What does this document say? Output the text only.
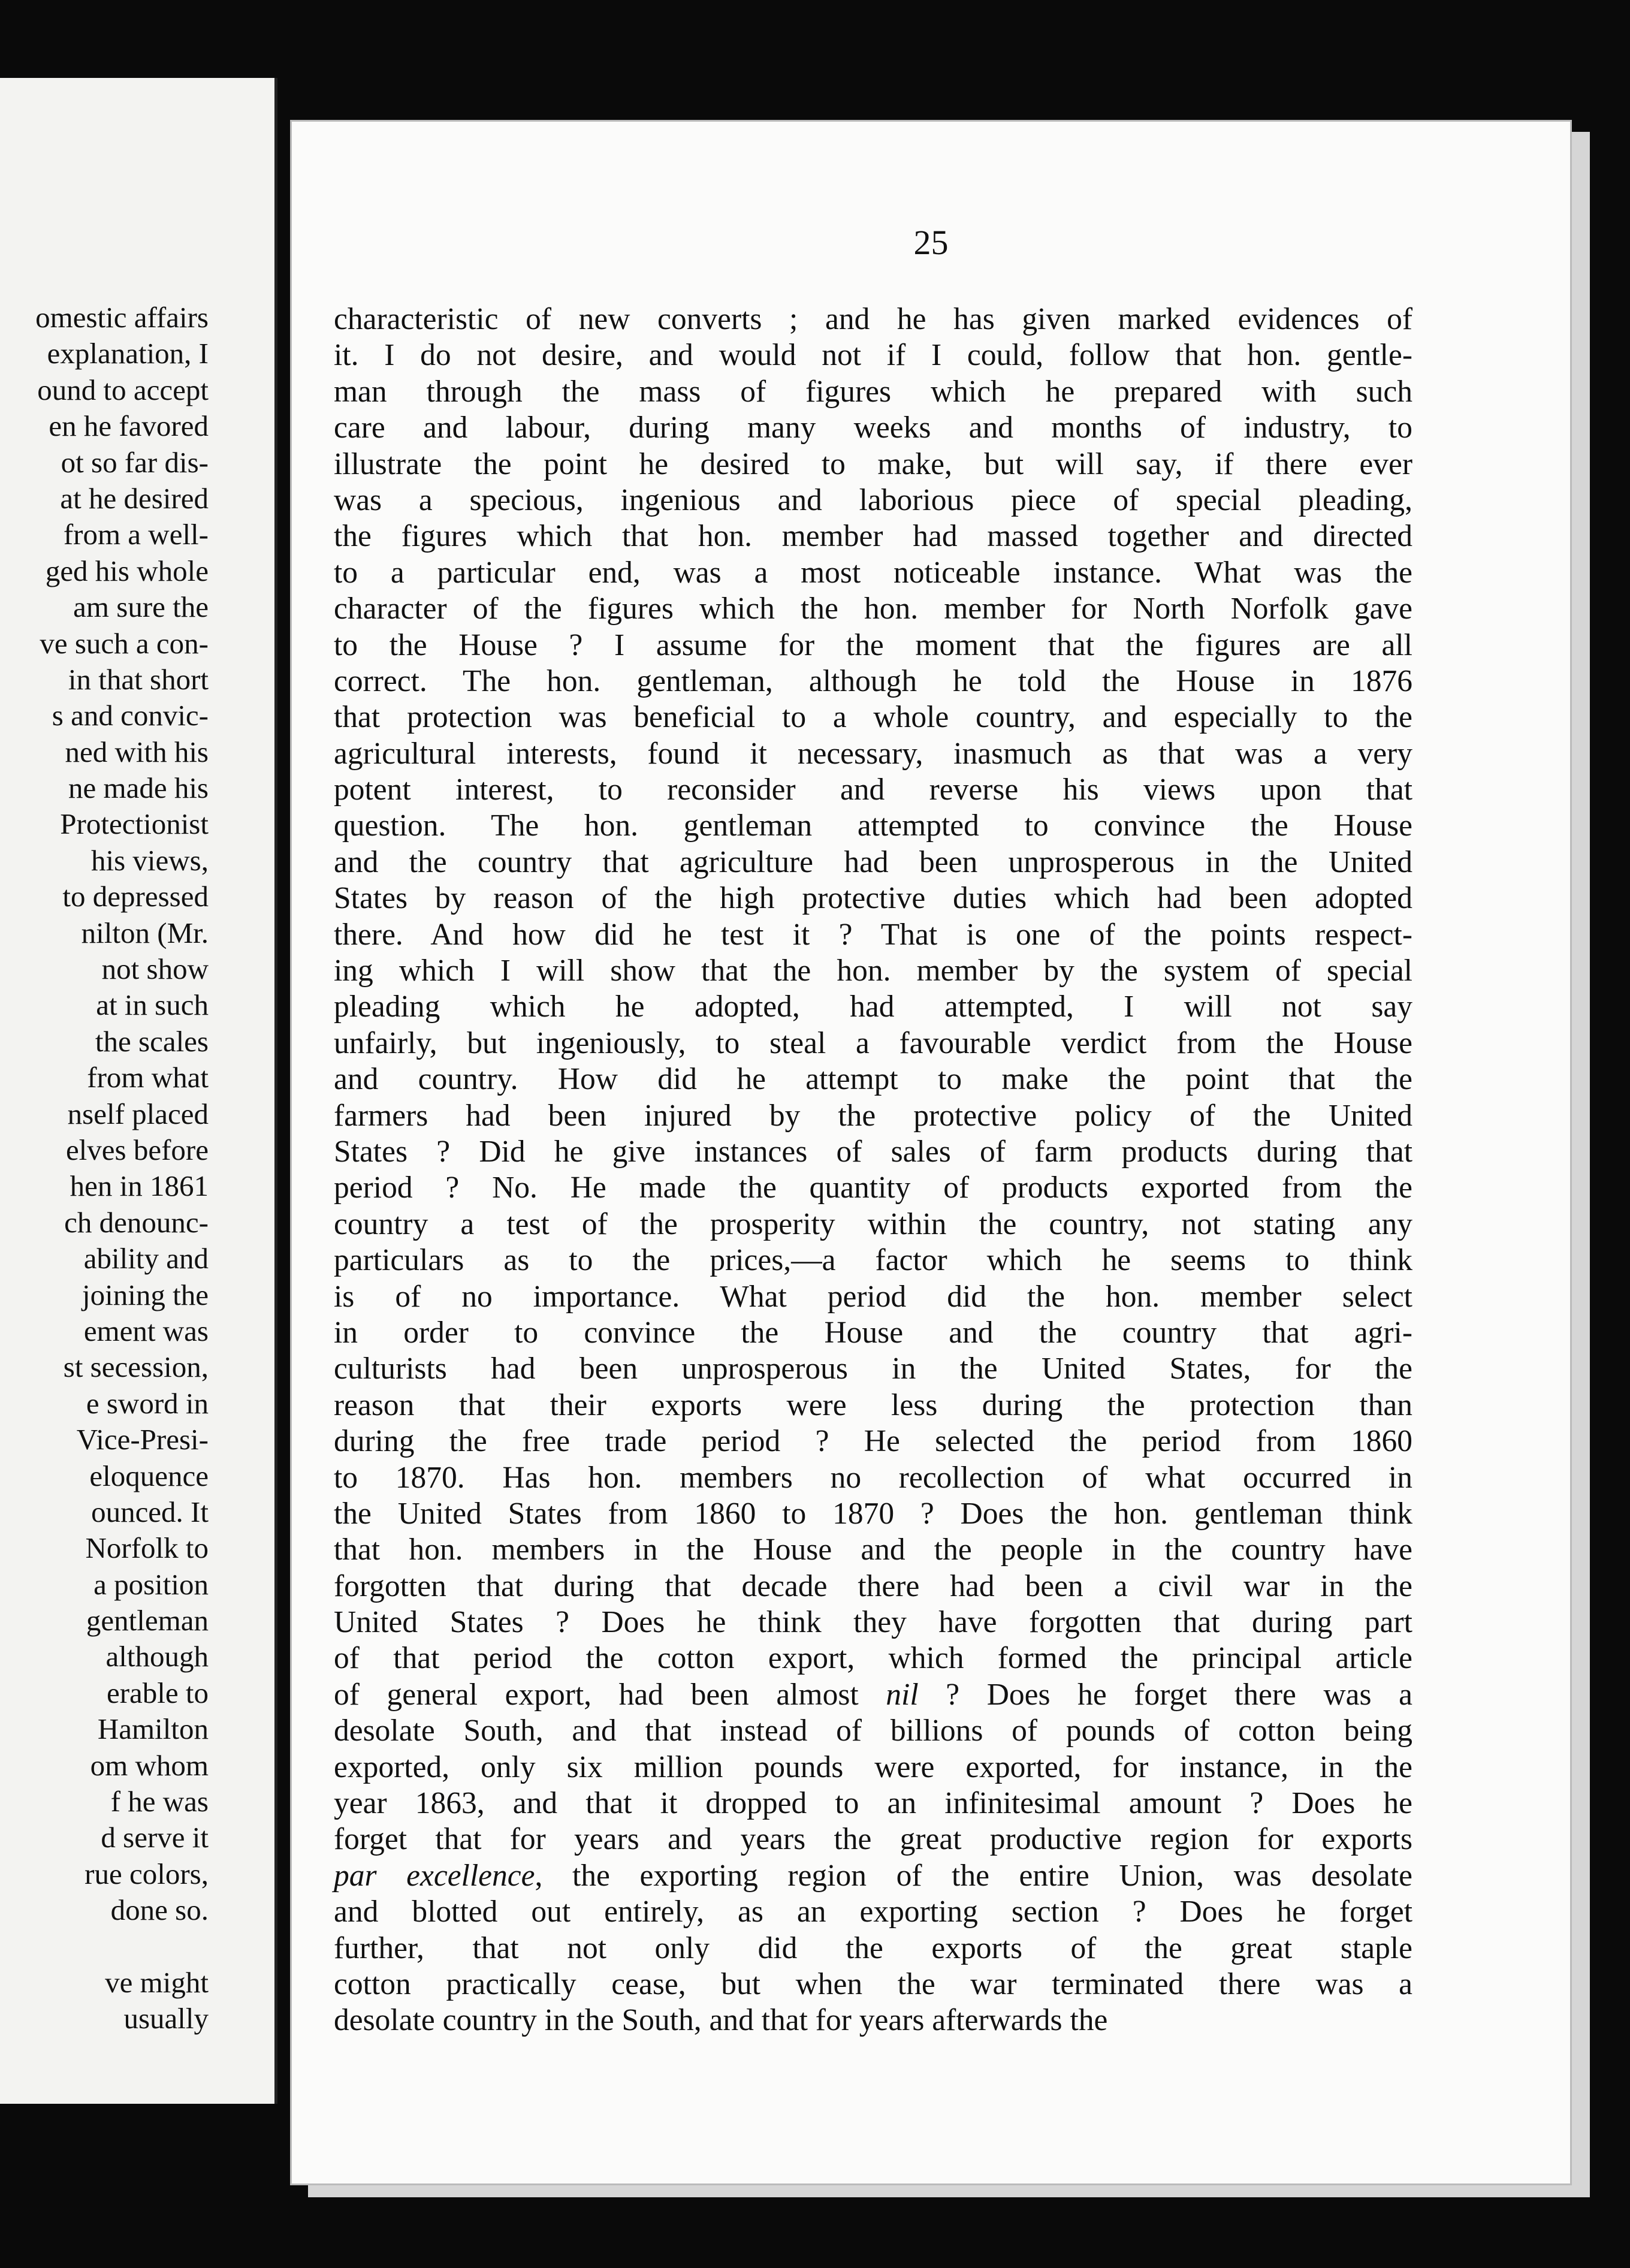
omestic affairs
explanation, I
ound to accept
en he favored
ot so far dis-
at he desired
from a well-
ged his whole
am sure the
ve such a con-
in that short
s and convic-
ned with his
ne made his
Protectionist
his views,
to depressed
nilton (Mr.
not show
at in such
the scales
from what
nself placed
elves before
hen in 1861
ch denounc-
ability and
joining the
ement was
st secession,
e sword in
Vice-Presi-
eloquence
ounced. It
Norfolk to
a position
gentleman
although
erable to
Hamilton
om whom
f he was
d serve it
rue colors,
done so.
ve might
usually
25
characteristic of new converts ; and he has given marked evidences of
it. I do not desire, and would not if I could, follow that hon. gentle-
man through the mass of figures which he prepared with such
care and labour, during many weeks and months of industry, to
illustrate the point he desired to make, but will say, if there ever
was a specious, ingenious and laborious piece of special pleading,
the figures which that hon. member had massed together and directed
to a particular end, was a most noticeable instance. What was the
character of the figures which the hon. member for North Norfolk gave
to the House ? I assume for the moment that the figures are all
correct. The hon. gentleman, although he told the House in 1876
that protection was beneficial to a whole country, and especially to the
agricultural interests, found it necessary, inasmuch as that was a very
potent interest, to reconsider and reverse his views upon that
question. The hon. gentleman attempted to convince the House
and the country that agriculture had been unprosperous in the United
States by reason of the high protective duties which had been adopted
there. And how did he test it ? That is one of the points respect-
ing which I will show that the hon. member by the system of special
pleading which he adopted, had attempted, I will not say
unfairly, but ingeniously, to steal a favourable verdict from the House
and country. How did he attempt to make the point that the
farmers had been injured by the protective policy of the United
States ? Did he give instances of sales of farm products during that
period ? No. He made the quantity of products exported from the
country a test of the prosperity within the country, not stating any
particulars as to the prices,—a factor which he seems to think
is of no importance. What period did the hon. member select
in order to convince the House and the country that agri-
culturists had been unprosperous in the United States, for the
reason that their exports were less during the protection than
during the free trade period ? He selected the period from 1860
to 1870. Has hon. members no recollection of what occurred in
the United States from 1860 to 1870 ? Does the hon. gentleman think
that hon. members in the House and the people in the country have
forgotten that during that decade there had been a civil war in the
United States ? Does he think they have forgotten that during part
of that period the cotton export, which formed the principal article
of general export, had been almost nil ? Does he forget there was a
desolate South, and that instead of billions of pounds of cotton being
exported, only six million pounds were exported, for instance, in the
year 1863, and that it dropped to an infinitesimal amount ? Does he
forget that for years and years the great productive region for exports
par excellence, the exporting region of the entire Union, was desolate
and blotted out entirely, as an exporting section ? Does he forget
further, that not only did the exports of the great staple
cotton practically cease, but when the war terminated there was a
desolate country in the South, and that for years afterwards the
